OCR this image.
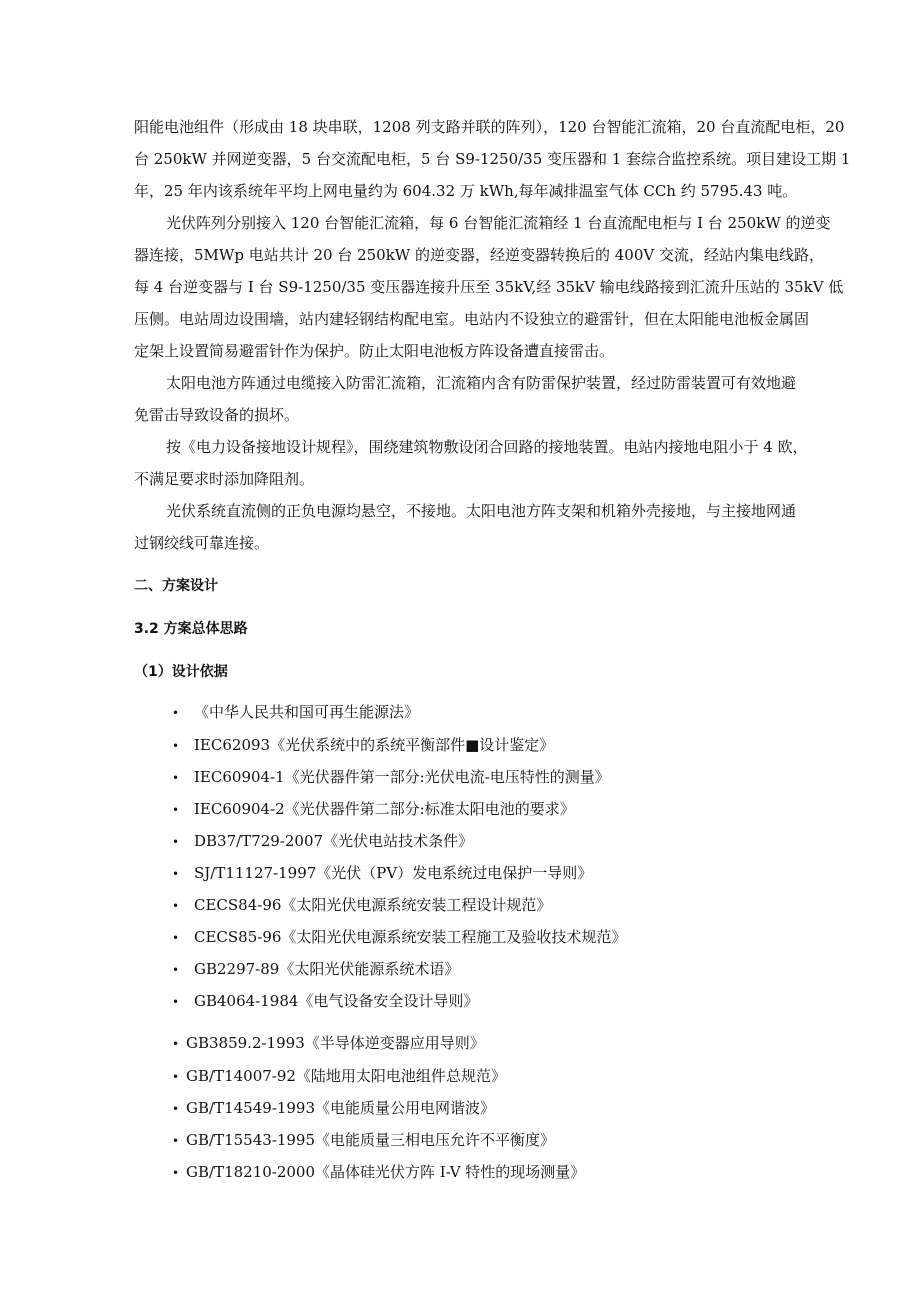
阳能电池组件（形成由 18 块串联，1208 列支路并联的阵列），120 台智能汇流箱，20 台直流配电柜，20
台 250kW 并网逆变器，5 台交流配电柜，5 台 S9-1250/35 变压器和 1 套综合监控系统。项目建设工期 1
年，25 年内该系统年平均上网电量约为 604.32 万 kWh,每年减排温室气体 CCh 约 5795.43 吨。
光伏阵列分别接入 120 台智能汇流箱，每 6 台智能汇流箱经 1 台直流配电柜与 I 台 250kW 的逆变
器连接，5MWp 电站共计 20 台 250kW 的逆变器，经逆变器转换后的 400V 交流，经站内集电线路，
每 4 台逆变器与 I 台 S9-1250/35 变压器连接升压至 35kV,经 35kV 输电线路接到汇流升压站的 35kV 低
压侧。电站周边设围墙，站内建轻钢结构配电室。电站内不设独立的避雷针，但在太阳能电池板金属固
定架上设置简易避雷针作为保护。防止太阳电池板方阵设备遭直接雷击。
太阳电池方阵通过电缆接入防雷汇流箱，汇流箱内含有防雷保护装置，经过防雷装置可有效地避
免雷击导致设备的损坏。
按《电力设备接地设计规程》，围绕建筑物敷设闭合回路的接地装置。电站内接地电阻小于 4 欧，
不满足要求时添加降阻剂。
光伏系统直流侧的正负电源均悬空，不接地。太阳电池方阵支架和机箱外壳接地，与主接地网通
过钢绞线可靠连接。
二、方案设计
3.2 方案总体思路
（1）设计依据
• 《中华人民共和国可再生能源法》
• IEC62093《光伏系统中的系统平衡部件■设计鉴定》
• IEC60904-1《光伏器件第一部分:光伏电流-电压特性的测量》
• IEC60904-2《光伏器件第二部分:标准太阳电池的要求》
• DB37/T729-2007《光伏电站技术条件》
• SJ/T11127-1997《光伏（PV）发电系统过电保护一导则》
• CECS84-96《太阳光伏电源系统安装工程设计规范》
• CECS85-96《太阳光伏电源系统安装工程施工及验收技术规范》
• GB2297-89《太阳光伏能源系统术语》
• GB4064-1984《电气设备安全设计导则》
• GB3859.2-1993《半导体逆变器应用导则》
• GB/T14007-92《陆地用太阳电池组件总规范》
• GB/T14549-1993《电能质量公用电网谐波》
• GB/T15543-1995《电能质量三相电压允许不平衡度》
• GB/T18210-2000《晶体硅光伏方阵 I-V 特性的现场测量》
